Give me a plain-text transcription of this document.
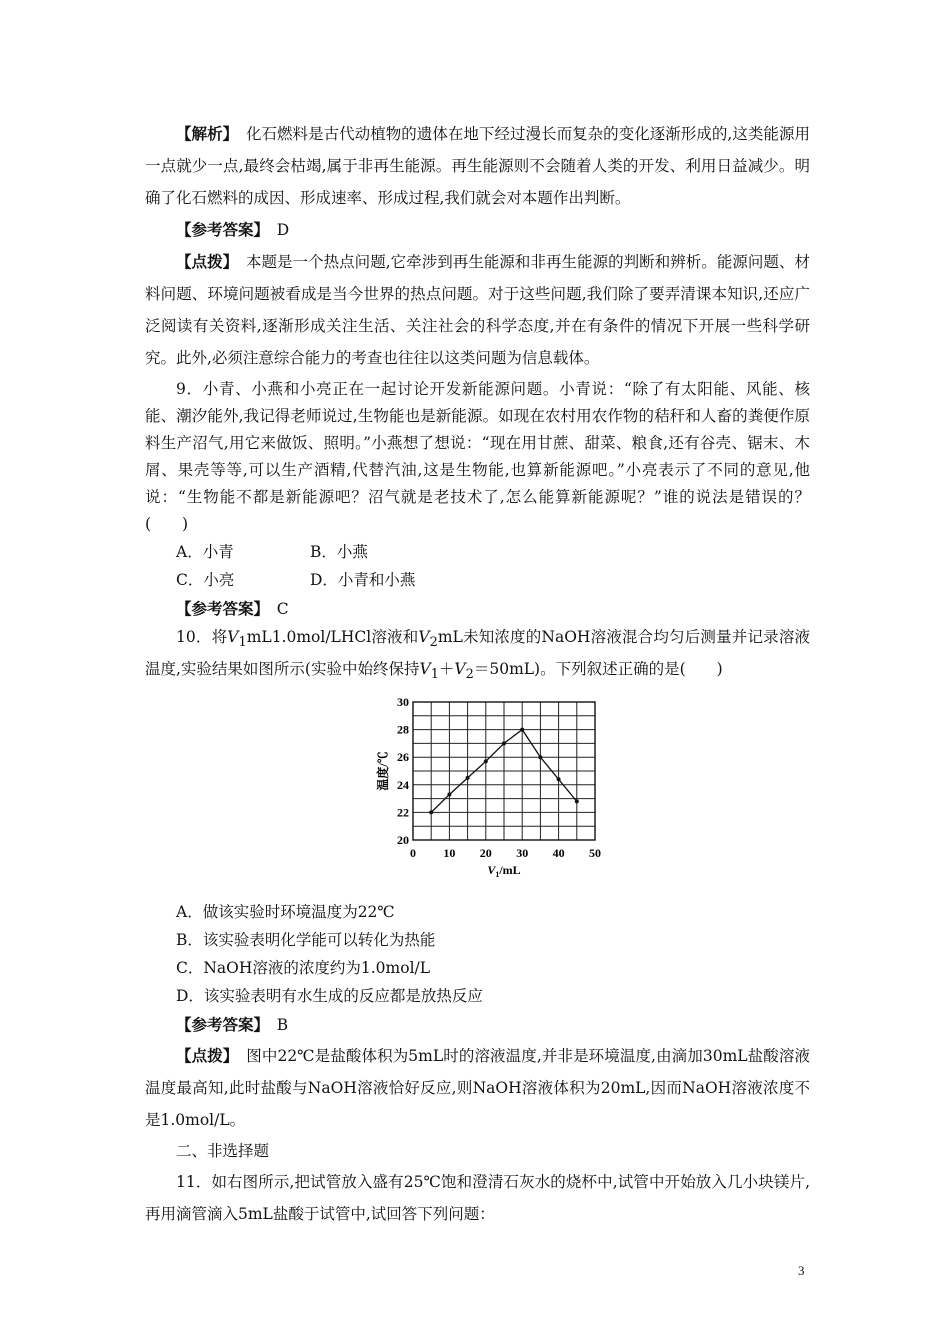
【解析】　 化石燃料是古代动植物的遗体在地下经过漫长而复杂的变化逐渐形成的,这类能源用一点就少一点,最终会枯竭,属于非再生能源。再生能源则不会随着人类的开发、利用日益减少。明确了化石燃料的成因、形成速率、形成过程,我们就会对本题作出判断。

【参考答案】　 D

【点拨】　 本题是一个热点问题,它牵涉到再生能源和非再生能源的判断和辨析。能源问题、材料问题、环境问题被看成是当今世界的热点问题。对于这些问题,我们除了要弄清课本知识,还应广泛阅读有关资料,逐渐形成关注生活、关注社会的科学态度,并在有条件的情况下开展一些科学研究。此外,必须注意综合能力的考查也往往以这类问题为信息载体。

9．小青、小燕和小亮正在一起讨论开发新能源问题。小青说：“除了有太阳能、风能、核能、潮汐能外,我记得老师说过,生物能也是新能源。如现在农村用农作物的秸秆和人畜的粪便作原料生产沼气,用它来做饭、照明。”小燕想了想说：“现在用甘蔗、甜菜、粮食,还有谷壳、锯末、木屑、果壳等等,可以生产酒精,代替汽油,这是生物能,也算新能源吧。”小亮表示了不同的意见,他说：“生物能不都是新能源吧？沼气就是老技术了,怎么能算新能源呢？”谁的说法是错误的？(　　)

A．小青	B．小燕
C．小亮	D．小青和小燕

【参考答案】　 C

10．将$V_1mL1.0mol$/LHCl溶液和$V_2mL$未知浓度的NaOH溶液混合均匀后测量并记录溶液温度,实验结果如图所示(实验中始终保持$V_1+V_2=50mL$)。下列叙述正确的是(　　)

0 10 20 30 40 50
20
22
24
26
28
30
$V_1/mL$
温度/℃

A．做该实验时环境温度为22℃

B．该实验表明化学能可以转化为热能

C．NaOH溶液的浓度约为1.0mol/L

D．该实验表明有水生成的反应都是放热反应

【参考答案】　 B

【点拨】　 图中22℃是盐酸体积为5mL时的溶液温度,并非是环境温度,由滴加30mL盐酸溶液温度最高知,此时盐酸与NaOH溶液恰好反应,则NaOH溶液体积为20mL,因而NaOH溶液浓度不是1.0mol/L。

二、非选择题

11．如右图所示,把试管放入盛有25℃饱和澄清石灰水的烧杯中,试管中开始放入几小块镁片,再用滴管滴入5mL盐酸于试管中,试回答下列问题：

3
